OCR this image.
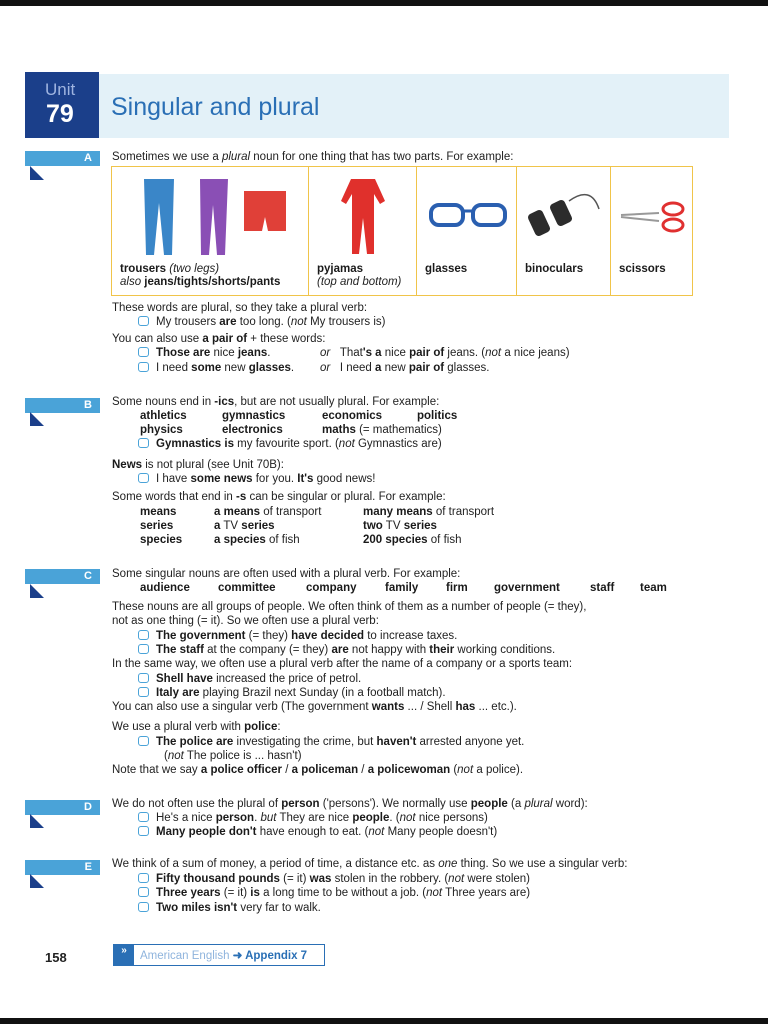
Unit
79 Singular and plural
A Sometimes we use a plural noun for one thing that has two parts. For example:
trousers (two legs)
also jeans/tights/shorts/pants
pyjamas
(top and bottom)
glasses	binoculars	scissors
These words are plural, so they take a plural verb:
My trousers are too long. (not My trousers is)
You can also use a pair of + these words:
Those are nice jeans.	or That's a nice pair of jeans. (not a nice jeans)
I need some new glasses. or I need a new pair of glasses.
B Some nouns end in -ics, but are not usually plural. For example:
athletics	gymnastics	economics	politics
physics	electronics	maths (= mathematics)
Gymnastics is my favourite sport. (not Gymnastics are)
News is not plural (see Unit 70B):
I have some news for you. It's good news!
Some words that end in -s can be singular or plural. For example:
means	a means of transport	many means of transport
series	a TV series	two TV series
species	a species of fish	200 species of fish
C Some singular nouns are often used with a plural verb. For example:
audience committee	company family firm government	staff team
These nouns are all groups of people. We often think of them as a number of people (= they),
not as one thing (= it). So we often use a plural verb:
The government (= they) have decided to increase taxes.
The staff at the company (= they) are not happy with their working conditions.
In the same way, we often use a plural verb after the name of a company or a sports team:
Shell have increased the price of petrol.
Italy are playing Brazil next Sunday (in a football match).
You can also use a singular verb (The government wants ... / Shell has ... etc.).
We use a plural verb with police:
The police are investigating the crime, but haven't arrested anyone yet.
(not The police is ... hasn't)
Note that we say a police officer / a policeman / a policewoman (not a police).
D We do not often use the plural of person ('persons'). We normally use people (a plural word):
He's a nice person. but They are nice people. (not nice persons)
Many people don't have enough to eat. (not Many people doesn't)
E We think of a sum of money, a period of time, a distance etc. as one thing. So we use a singular verb:
Fifty thousand pounds (= it) was stolen in the robbery. (not were stolen)
Three years (= it) is a long time to be without a job. (not Three years are)
Two miles isn't very far to walk.
158	»	American English ➜ Appendix 7
